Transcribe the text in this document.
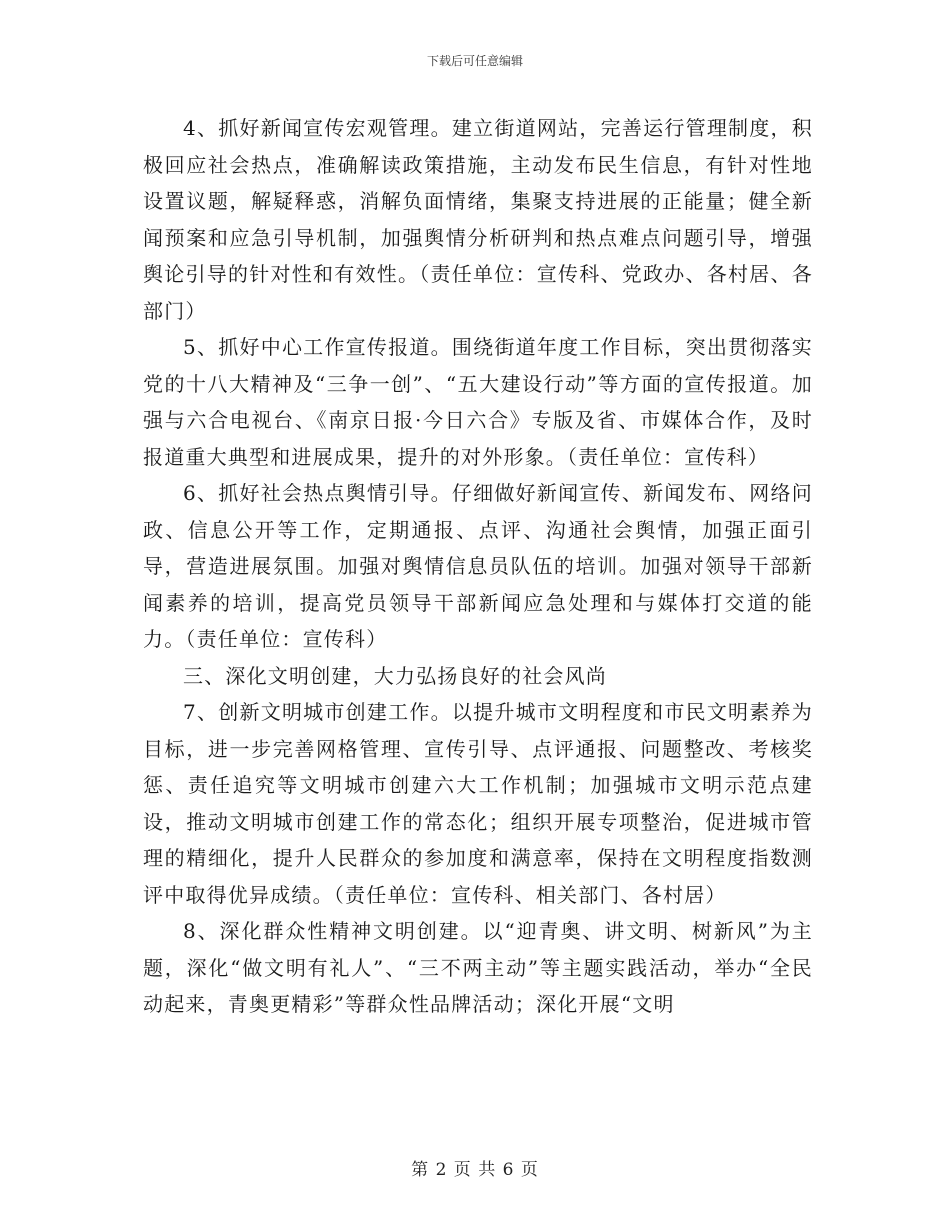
下载后可任意编辑

4、抓好新闻宣传宏观管理。建立街道网站，完善运行管理制度，积极回应社会热点，准确解读政策措施，主动发布民生信息，有针对性地设置议题，解疑释惑，消解负面情绪，集聚支持进展的正能量；健全新闻预案和应急引导机制，加强舆情分析研判和热点难点问题引导，增强舆论引导的针对性和有效性。（责任单位：宣传科、党政办、各村居、各部门）

5、抓好中心工作宣传报道。围绕街道年度工作目标，突出贯彻落实党的十八大精神及“三争一创”、“五大建设行动”等方面的宣传报道。加强与六合电视台、《南京日报·今日六合》专版及省、市媒体合作，及时报道重大典型和进展成果，提升的对外形象。（责任单位：宣传科）

6、抓好社会热点舆情引导。仔细做好新闻宣传、新闻发布、网络问政、信息公开等工作，定期通报、点评、沟通社会舆情，加强正面引导，营造进展氛围。加强对舆情信息员队伍的培训。加强对领导干部新闻素养的培训，提高党员领导干部新闻应急处理和与媒体打交道的能力。（责任单位：宣传科）

三、深化文明创建，大力弘扬良好的社会风尚

7、创新文明城市创建工作。以提升城市文明程度和市民文明素养为目标，进一步完善网格管理、宣传引导、点评通报、问题整改、考核奖惩、责任追究等文明城市创建六大工作机制；加强城市文明示范点建设，推动文明城市创建工作的常态化；组织开展专项整治，促进城市管理的精细化，提升人民群众的参加度和满意率，保持在文明程度指数测评中取得优异成绩。（责任单位：宣传科、相关部门、各村居）

8、深化群众性精神文明创建。以“迎青奥、讲文明、树新风”为主题，深化“做文明有礼人”、“三不两主动”等主题实践活动，举办“全民动起来，青奥更精彩”等群众性品牌活动；深化开展“文明

第 2 页 共 6 页
